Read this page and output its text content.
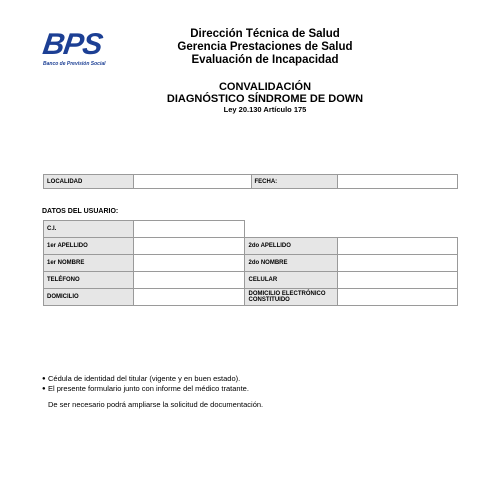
BPS
Banco de Previsión Social
Dirección Técnica de Salud
Gerencia Prestaciones de Salud
Evaluación de Incapacidad
CONVALIDACIÓN
DIAGNÓSTICO SÍNDROME DE DOWN
Ley 20.130 Artículo 175
LOCALIDAD		FECHA:	
DATOS DEL USUARIO:
C.I.			
1er APELLIDO		2do APELLIDO	
1er NOMBRE		2do NOMBRE	
TELÉFONO		CELULAR	
DOMICILIO		DOMICILIO ELECTRÓNICO CONSTITUIDO	
● Cédula de identidad del titular (vigente y en buen estado).
● El presente formulario junto con informe del médico tratante.
De ser necesario podrá ampliarse la solicitud de documentación.
